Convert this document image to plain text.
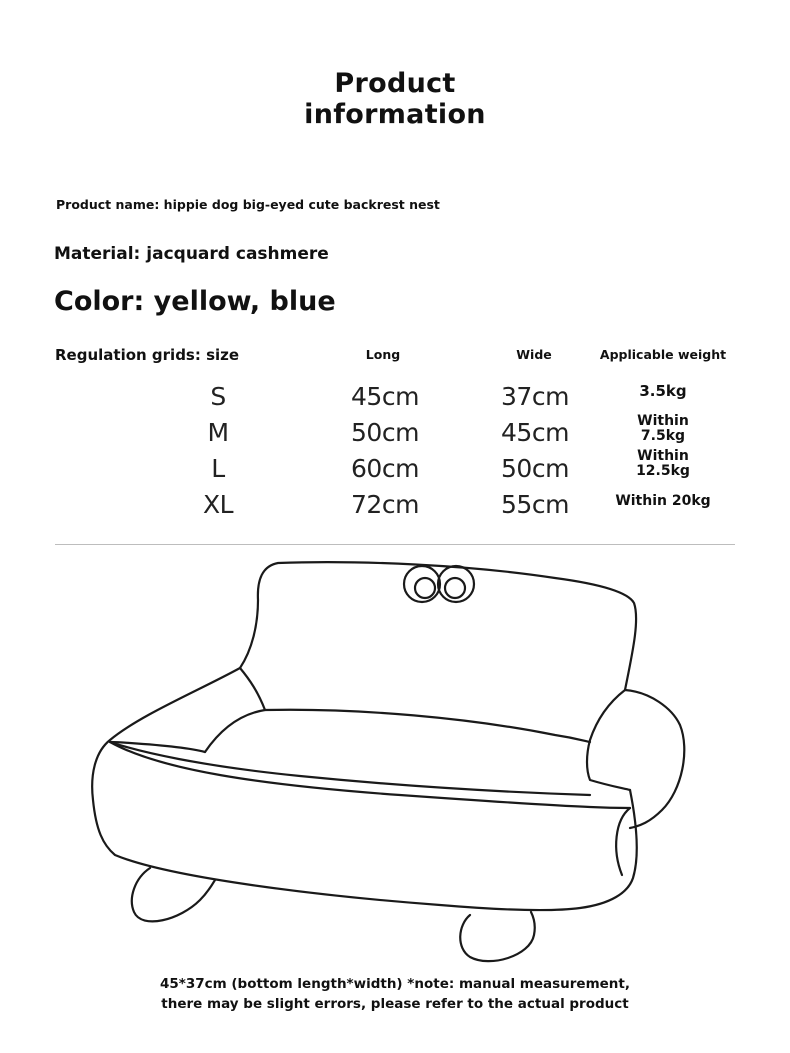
Product
information
Product name: hippie dog big-eyed cute backrest nest
Material: jacquard cashmere
Color: yellow, blue
Regulation grids: size	Long	Wide	Applicable weight
S	45cm	37cm	3.5kg
M	50cm	45cm	Within
7.5kg
L	60cm	50cm	Within
12.5kg
XL	72cm	55cm	Within 20kg
45*37cm (bottom length*width) *note: manual measurement,
there may be slight errors, please refer to the actual product
